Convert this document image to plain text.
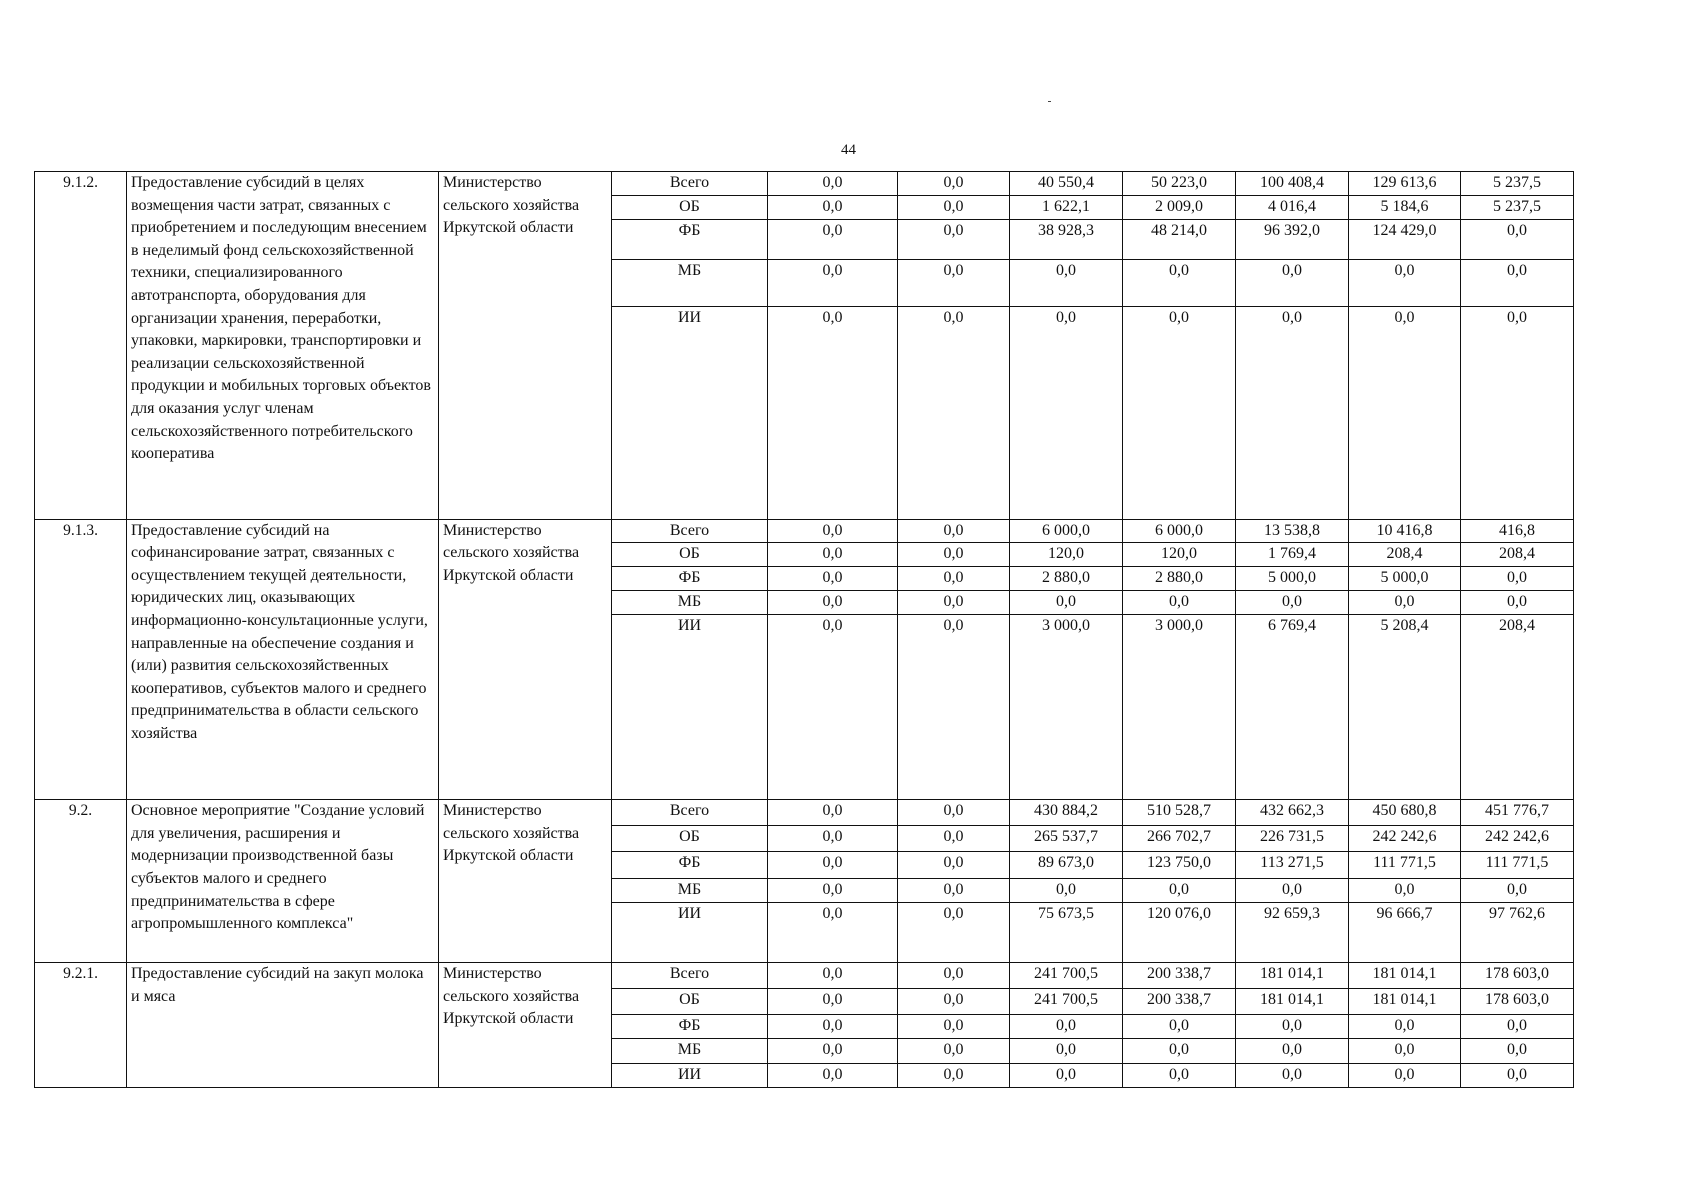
44
9.1.2.	Предоставление субсидий в целях возмещения части затрат, связанных с приобретением и последующим внесением в неделимый фонд сельскохозяйственной техники, специализированного автотранспорта, оборудования для организации хранения, переработки, упаковки, маркировки, транспортировки и реализации сельскохозяйственной продукции и мобильных торговых объектов для оказания услуг членам сельскохозяйственного потребительского кооператива	Министерство сельского хозяйства Иркутской области	Всего	0,0	0,0	40 550,4	50 223,0	100 408,4	129 613,6	5 237,5
			ОБ	0,0	0,0	1 622,1	2 009,0	4 016,4	5 184,6	5 237,5
			ФБ	0,0	0,0	38 928,3	48 214,0	96 392,0	124 429,0	0,0
			МБ	0,0	0,0	0,0	0,0	0,0	0,0	0,0
			ИИ	0,0	0,0	0,0	0,0	0,0	0,0	0,0
9.1.3.	Предоставление субсидий на софинансирование затрат, связанных с осуществлением текущей деятельности, юридических лиц, оказывающих информационно-консультационные услуги, направленные на обеспечение создания и (или) развития сельскохозяйственных кооперативов, субъектов малого и среднего предпринимательства в области сельского хозяйства	Министерство сельского хозяйства Иркутской области	Всего	0,0	0,0	6 000,0	6 000,0	13 538,8	10 416,8	416,8
			ОБ	0,0	0,0	120,0	120,0	1 769,4	208,4	208,4
			ФБ	0,0	0,0	2 880,0	2 880,0	5 000,0	5 000,0	0,0
			МБ	0,0	0,0	0,0	0,0	0,0	0,0	0,0
			ИИ	0,0	0,0	3 000,0	3 000,0	6 769,4	5 208,4	208,4
9.2.	Основное мероприятие "Создание условий для увеличения, расширения и модернизации производственной базы субъектов малого и среднего предпринимательства в сфере агропромышленного комплекса"	Министерство сельского хозяйства Иркутской области	Всего	0,0	0,0	430 884,2	510 528,7	432 662,3	450 680,8	451 776,7
			ОБ	0,0	0,0	265 537,7	266 702,7	226 731,5	242 242,6	242 242,6
			ФБ	0,0	0,0	89 673,0	123 750,0	113 271,5	111 771,5	111 771,5
			МБ	0,0	0,0	0,0	0,0	0,0	0,0	0,0
			ИИ	0,0	0,0	75 673,5	120 076,0	92 659,3	96 666,7	97 762,6
9.2.1.	Предоставление субсидий на закуп молока и мяса	Министерство сельского хозяйства Иркутской области	Всего	0,0	0,0	241 700,5	200 338,7	181 014,1	181 014,1	178 603,0
			ОБ	0,0	0,0	241 700,5	200 338,7	181 014,1	181 014,1	178 603,0
			ФБ	0,0	0,0	0,0	0,0	0,0	0,0	0,0
			МБ	0,0	0,0	0,0	0,0	0,0	0,0	0,0
			ИИ	0,0	0,0	0,0	0,0	0,0	0,0	0,0
